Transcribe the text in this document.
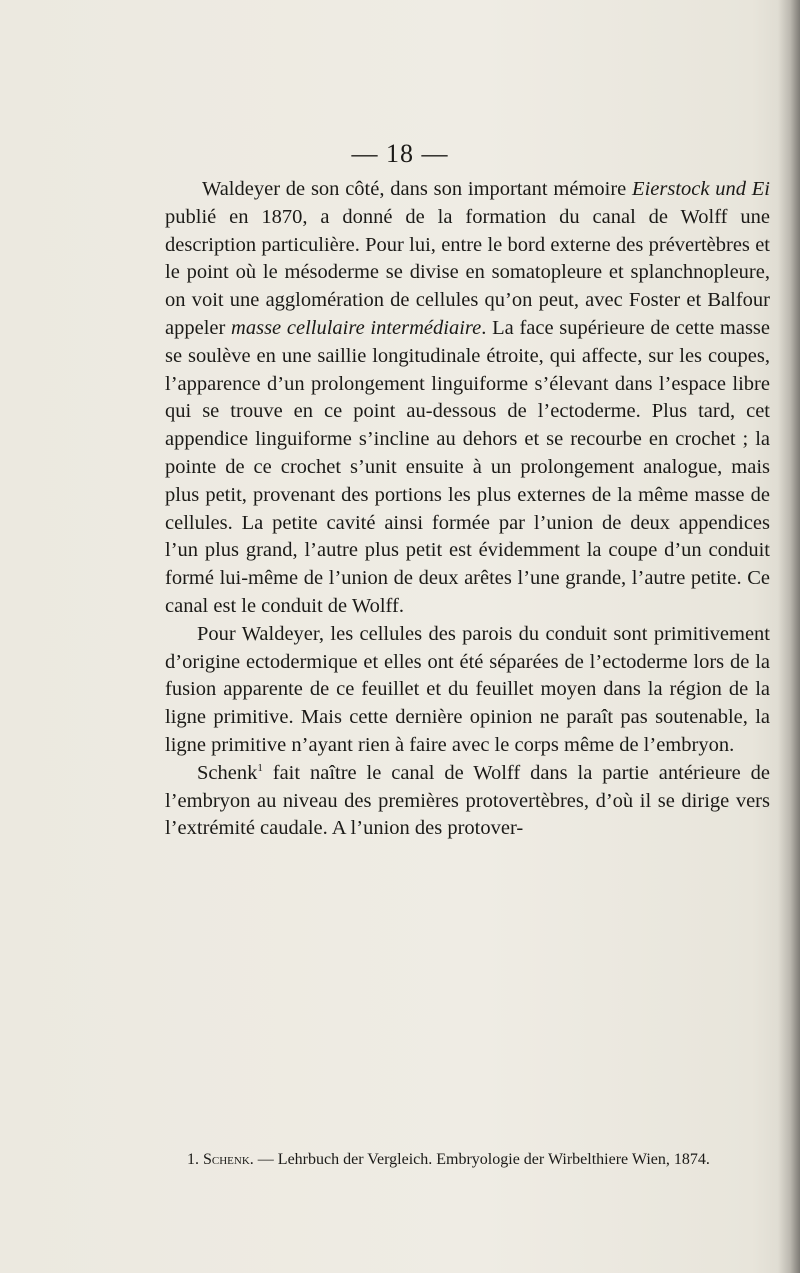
— 18 —

Waldeyer de son côté, dans son important mémoire Eierstock und Ei publié en 1870, a donné de la formation du canal de Wolff une description particulière. Pour lui, entre le bord externe des prévertèbres et le point où le mésoderme se divise en somatopleure et splanchnopleure, on voit une agglomération de cellules qu’on peut, avec Foster et Balfour appeler masse cellulaire intermédiaire. La face supérieure de cette masse se soulève en une saillie longitudinale étroite, qui affecte, sur les coupes, l’apparence d’un prolongement linguiforme s’élevant dans l’espace libre qui se trouve en ce point au-dessous de l’ectoderme. Plus tard, cet appendice linguiforme s’incline au dehors et se recourbe en crochet ; la pointe de ce crochet s’unit ensuite à un prolongement analogue, mais plus petit, provenant des portions les plus externes de la même masse de cellules. La petite cavité ainsi formée par l’union de deux appendices l’un plus grand, l’autre plus petit est évidemment la coupe d’un conduit formé lui-même de l’union de deux arêtes l’une grande, l’autre petite. Ce canal est le conduit de Wolff.

Pour Waldeyer, les cellules des parois du conduit sont primitivement d’origine ectodermique et elles ont été séparées de l’ectoderme lors de la fusion apparente de ce feuillet et du feuillet moyen dans la région de la ligne primitive. Mais cette dernière opinion ne paraît pas soutenable, la ligne primitive n’ayant rien à faire avec le corps même de l’embryon.

Schenk$^1$ fait naître le canal de Wolff dans la partie antérieure de l’embryon au niveau des premières protovertèbres, d’où il se dirige vers l’extrémité caudale. A l’union des protover-

1. Schenk. — Lehrbuch der Vergleich. Embryologie der Wirbelthiere Wien, 1874.
